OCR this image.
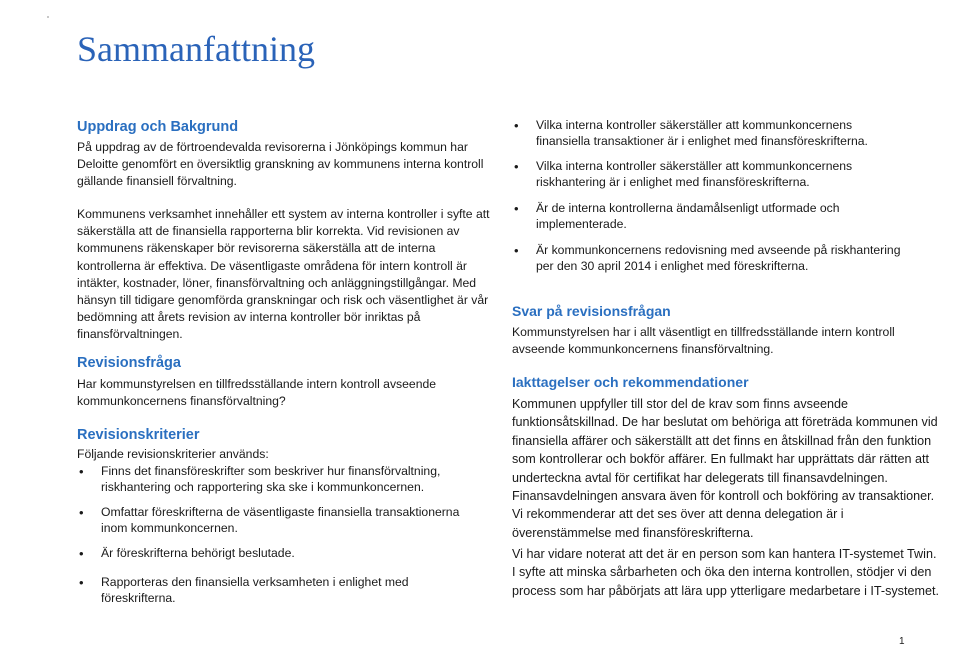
Sammanfattning
Uppdrag och Bakgrund

På uppdrag av de förtroendevalda revisorerna i Jönköpings kommun har

Deloitte genomfört en översiktlig granskning av kommunens interna kontroll

gällande finansiell förvaltning.

Kommunens verksamhet innehåller ett system av interna kontroller i syfte att

säkerställa att de finansiella rapporterna blir korrekta. Vid revisionen av

kommunens räkenskaper bör revisorerna säkerställa att de interna

kontrollerna är effektiva. De väsentligaste områdena för intern kontroll är

intäkter, kostnader, löner, finansförvaltning och anläggningstillgångar. Med

hänsyn till tidigare genomförda granskningar och risk och väsentlighet är vår

bedömning att årets revision av interna kontroller bör inriktas på

finansförvaltningen.

Revisionsfråga

Har kommunstyrelsen en tillfredsställande intern kontroll avseende

kommunkoncernens finansförvaltning?

Revisionskriterier

Följande revisionskriterier används:

• Finns det finansföreskrifter som beskriver hur finansförvaltning,
riskhantering och rapportering ska ske i kommunkoncernen.
• Omfattar föreskrifterna de väsentligaste finansiella transaktionerna
inom kommunkoncernen.
• Är föreskrifterna behörigt beslutade.
• Rapporteras den finansiella verksamheten i enlighet med
föreskrifterna.
• Vilka interna kontroller säkerställer att kommunkoncernens
finansiella transaktioner är i enlighet med finansföreskrifterna.
• Vilka interna kontroller säkerställer att kommunkoncernens
riskhantering är i enlighet med finansföreskrifterna.
• Är de interna kontrollerna ändamålsenligt utformade och
implementerade.
• Är kommunkoncernens redovisning med avseende på riskhantering
per den 30 april 2014 i enlighet med föreskrifterna.
Svar på revisionsfrågan

Kommunstyrelsen har i allt väsentligt en tillfredsställande intern kontroll

avseende kommunkoncernens finansförvaltning.

Iakttagelser och rekommendationer

Kommunen uppfyller till stor del de krav som finns avseende

funktionsåtskillnad. De har beslutat om behöriga att företräda kommunen vid

finansiella affärer och säkerställt att det finns en åtskillnad från den funktion

som kontrollerar och bokför affärer. En fullmakt har upprättats där rätten att

underteckna avtal för certifikat har delegerats till finansavdelningen.

Finansavdelningen ansvara även för kontroll och bokföring av transaktioner.

Vi rekommenderar att det ses över att denna delegation är i

överenstämmelse med finansföreskrifterna.

Vi har vidare noterat att det är en person som kan hantera IT-systemet Twin.

I syfte att minska sårbarheten och öka den interna kontrollen, stödjer vi den

process som har påbörjats att lära upp ytterligare medarbetare i IT-systemet.

1
